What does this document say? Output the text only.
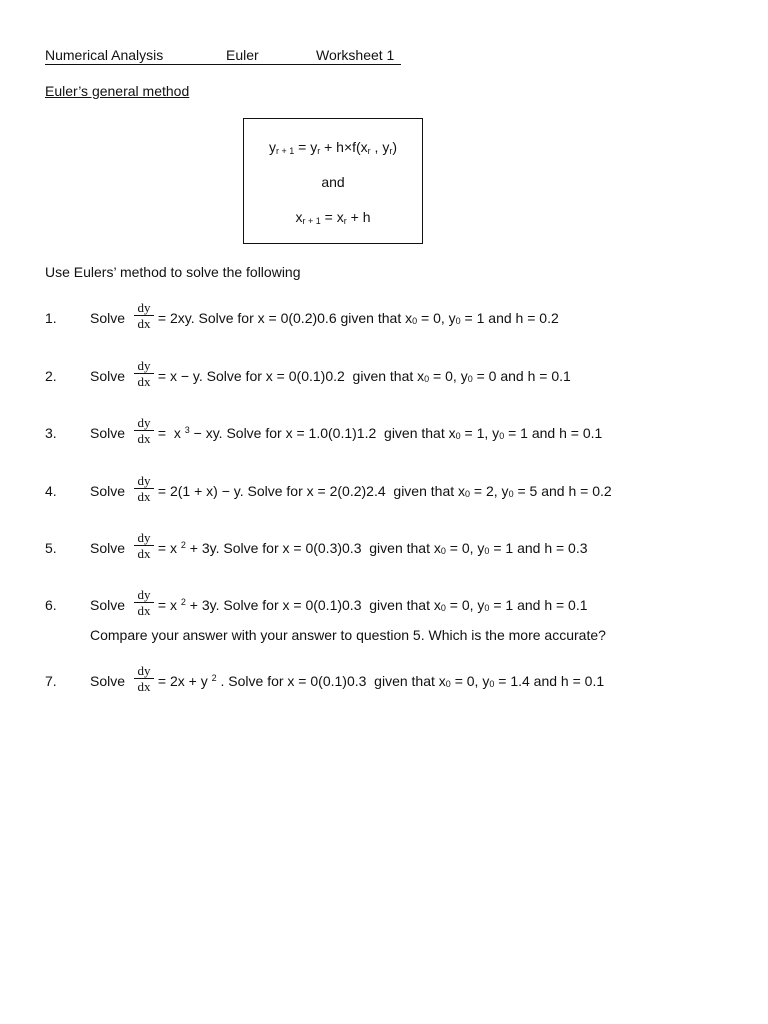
Numerical Analysis	Euler	Worksheet 1
Euler’s general method
yr + 1 = yr + h×f(xr , yr)
and
xr + 1 = xr + h
Use Eulers’ method to solve the following
1. Solve $\frac{dy}{dx} = 2xy$. Solve for x = 0(0.2)0.6 given that x0 = 0, y0 = 1 and h = 0.2
2. Solve $\frac{dy}{dx} = x - y$. Solve for x = 0(0.1)0.2  given that x0 = 0, y0 = 0 and h = 0.1
3. Solve $\frac{dy}{dx} = x$ $^3$ − xy. Solve for x = 1.0(0.1)1.2  given that x0 = 1, y0 = 1 and h = 0.1
4. Solve $\frac{dy}{dx} = 2(1 + x) - y$. Solve for x = 2(0.2)2.4  given that x0 = 2, y0 = 5 and h = 0.2
5. Solve $\frac{dy}{dx} = x$ $^2$ + 3y. Solve for x = 0(0.3)0.3  given that x0 = 0, y0 = 1 and h = 0.3
6. Solve $\frac{dy}{dx} = x$ $^2$ + 3y. Solve for x = 0(0.1)0.3  given that x0 = 0, y0 = 1 and h = 0.1
Compare your answer with your answer to question 5. Which is the more accurate?
7. Solve $\frac{dy}{dx} = 2x + y$ $^2$ . Solve for x = 0(0.1)0.3  given that x0 = 0, y0 = 1.4 and h = 0.1
